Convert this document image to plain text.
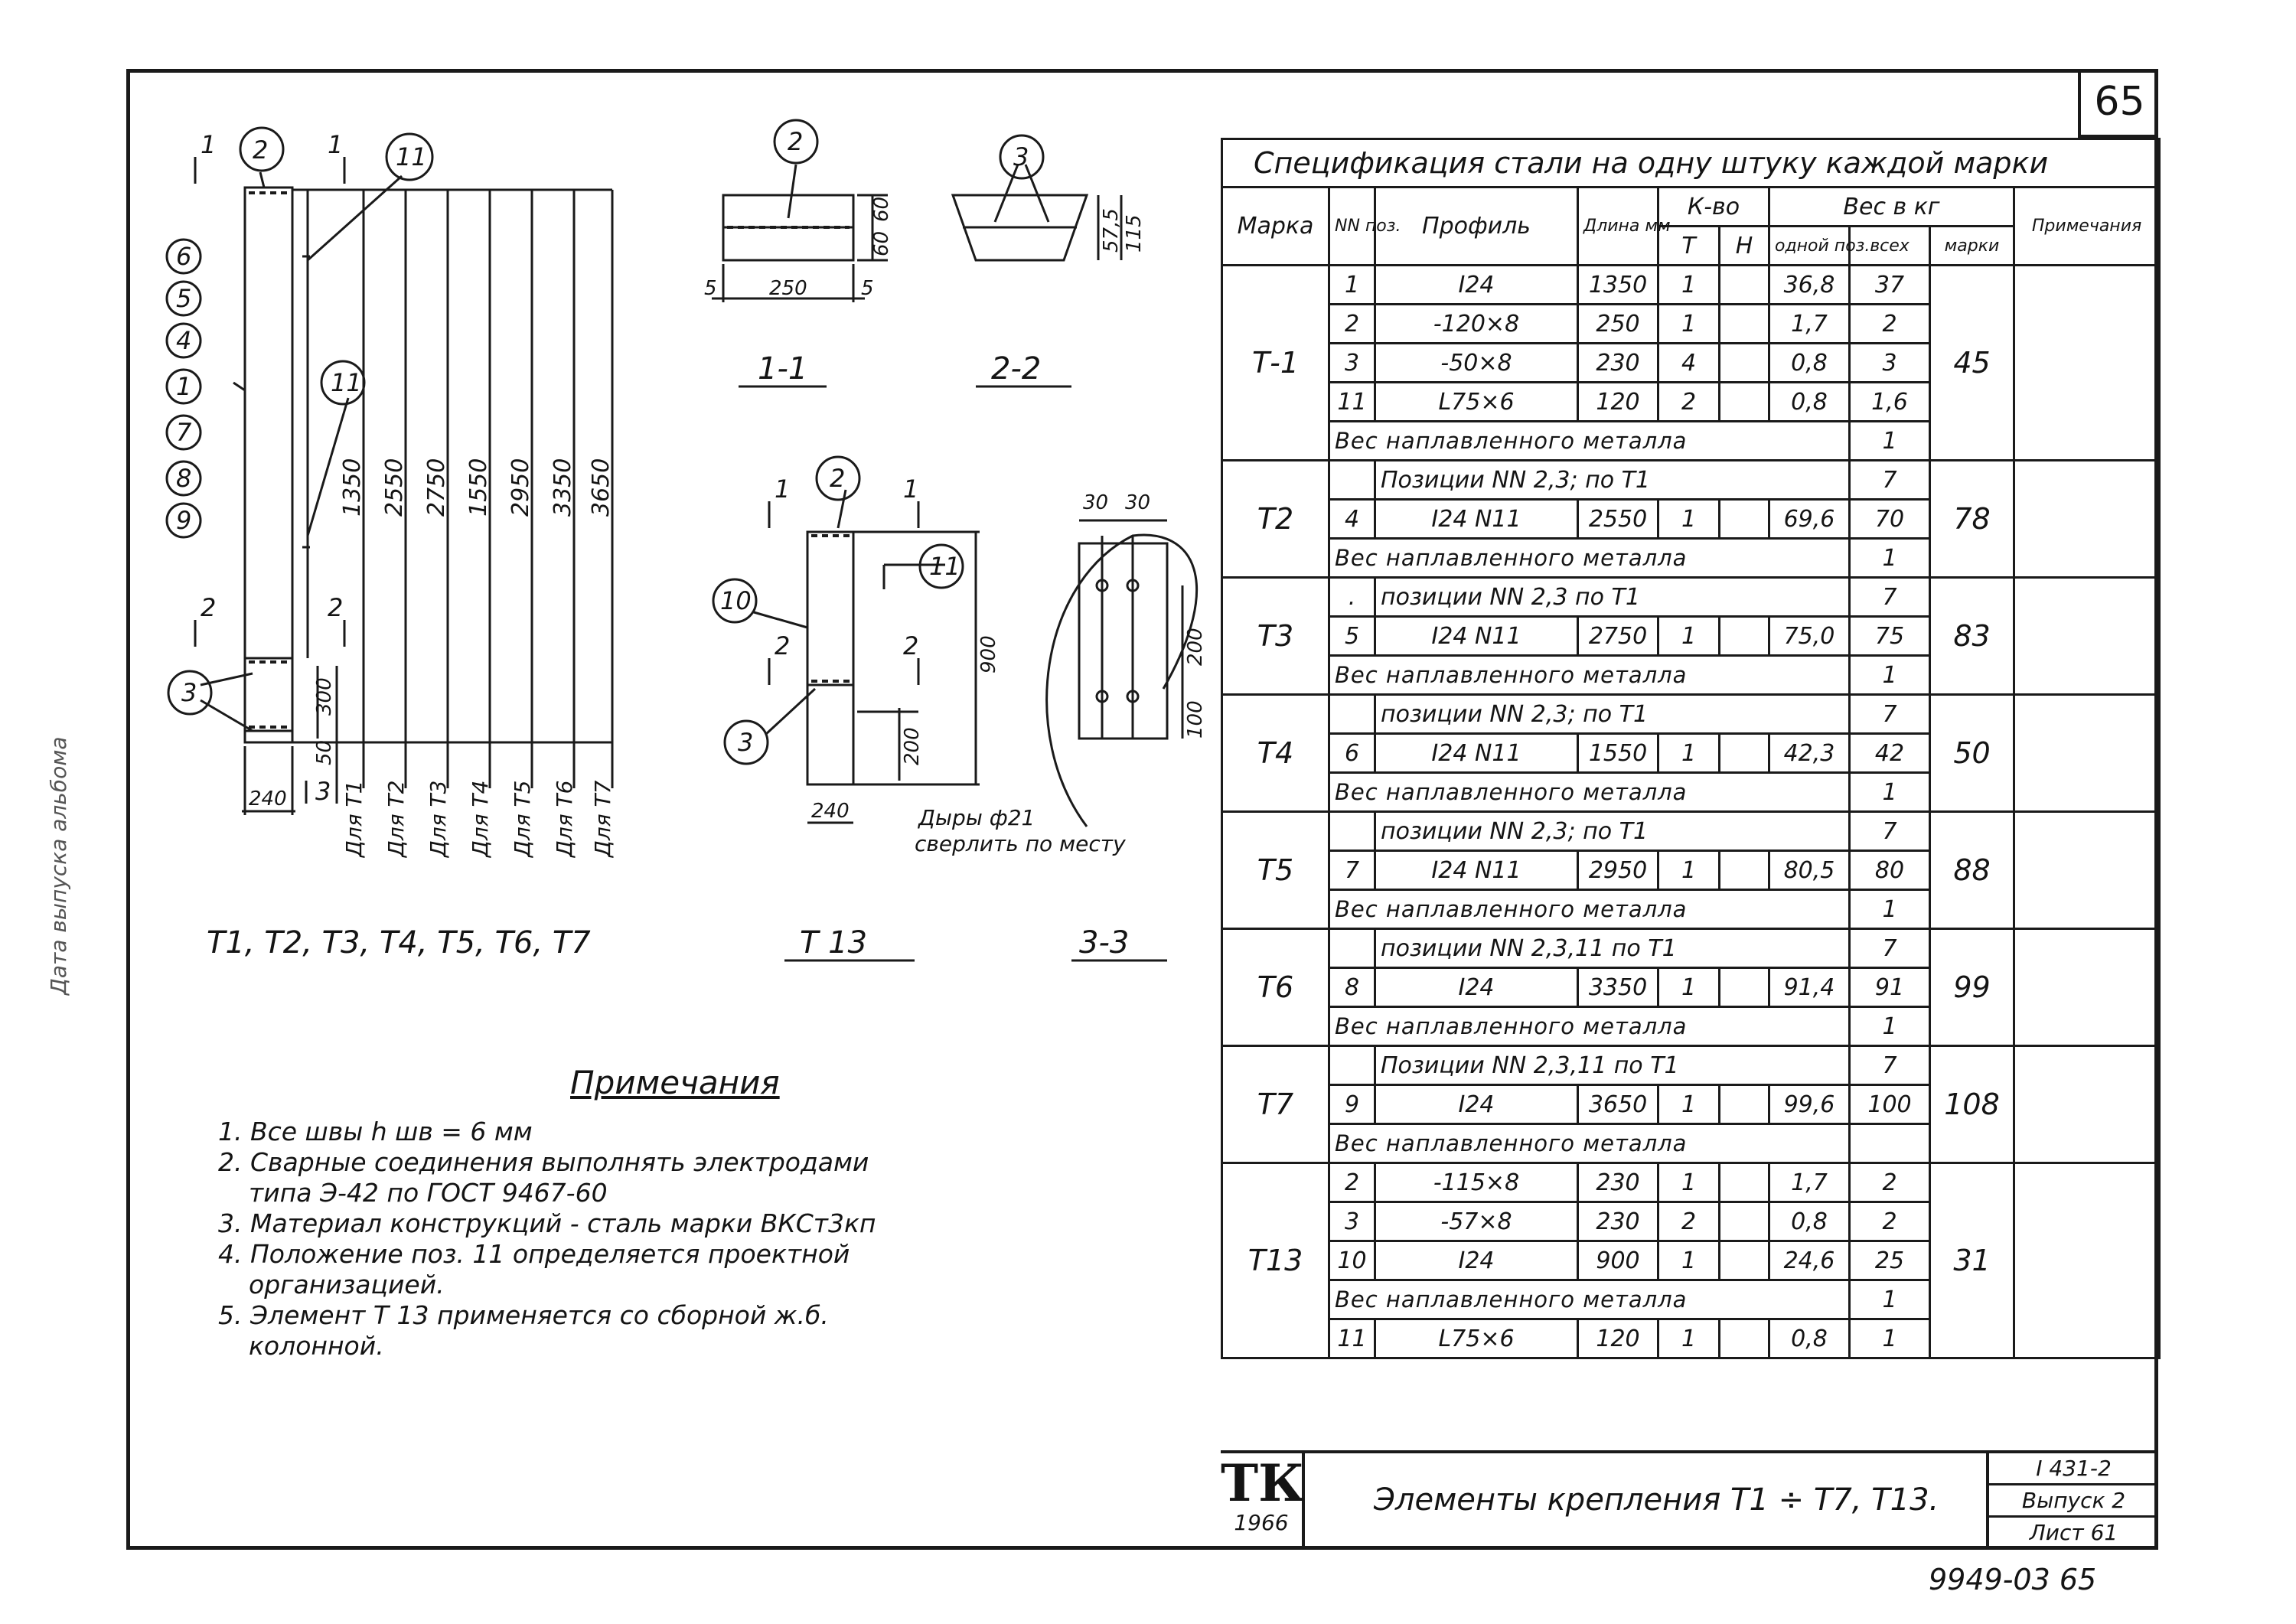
65
6
5
4
1
7
8
9
2	11
11
3
2
3
2
11
10
3
1	1
2	2
3
1	1
2	2
1350 2550 2750 1550 2950 3350 3650
Для Т1 Для Т2 Для Т3 Для Т4 Для Т5 Для Т6 Для Т7
240
300
50
250
5	5
60
60	57,5 115
900
200
240
30 30
200
100
Дыры ф21
сверлить по месту
Т1, Т2, Т3, Т4, Т5, Т6, Т7	Т 13	3-3
1-1	2-2
Спецификация стали на одну штуку каждой марки									
Марка	NN поз.	Профиль	Длина мм	К-во		Вес в кг			Примечания
				Т	Н	одной поз.	всех	марки	
Т-1	1	I24	1350	1		36,8	37	45	
	2	-120×8	250	1		1,7	2		
	3	-50×8	230	4		0,8	3		
	11	L75×6	120	2		0,8	1,6		
	Вес наплавленного металла						1		
Т2		Позиции NN 2,3; по Т1					7	78	
	4	I24 N11	2550	1		69,6	70		
	Вес наплавленного металла						1		
Т3	.	позиции NN 2,3 по Т1					7	83	
	5	I24 N11	2750	1		75,0	75		
	Вес наплавленного металла						1		
Т4		позиции NN 2,3; по Т1					7	50	
	6	I24 N11	1550	1		42,3	42		
	Вес наплавленного металла						1		
Т5		позиции NN 2,3; по Т1					7	88	
	7	I24 N11	2950	1		80,5	80		
	Вес наплавленного металла						1		
Т6		позиции NN 2,3,11 по Т1					7	99	
	8	I24	3350	1		91,4	91		
	Вес наплавленного металла						1		
Т7		Позиции NN 2,3,11 по Т1					7	108	
	9	I24	3650	1		99,6	100		
	Вес наплавленного металла								
Т13	2	-115×8	230	1		1,7	2	31	
	3	-57×8	230	2		0,8	2		
	10	I24	900	1		24,6	25		
	Вес наплавленного металла						1		
	11	L75×6	120	1		0,8	1		
Примечания
1. Все швы h шв = 6 мм
2. Сварные соединения выполнять электродами
типа Э-42 по ГОСТ 9467-60
3. Материал конструкций - сталь марки ВКСт3кп
4. Положение поз. 11 определяется проектной
организацией.
5. Элемент Т 13 применяется со сборной ж.б.
колонной.
ТК
1966
Элементы крепления Т1 ÷ Т7, Т13.
I 431-2
Выпуск 2
Лист 61
9949-03 65
Дата выпуска альбома
